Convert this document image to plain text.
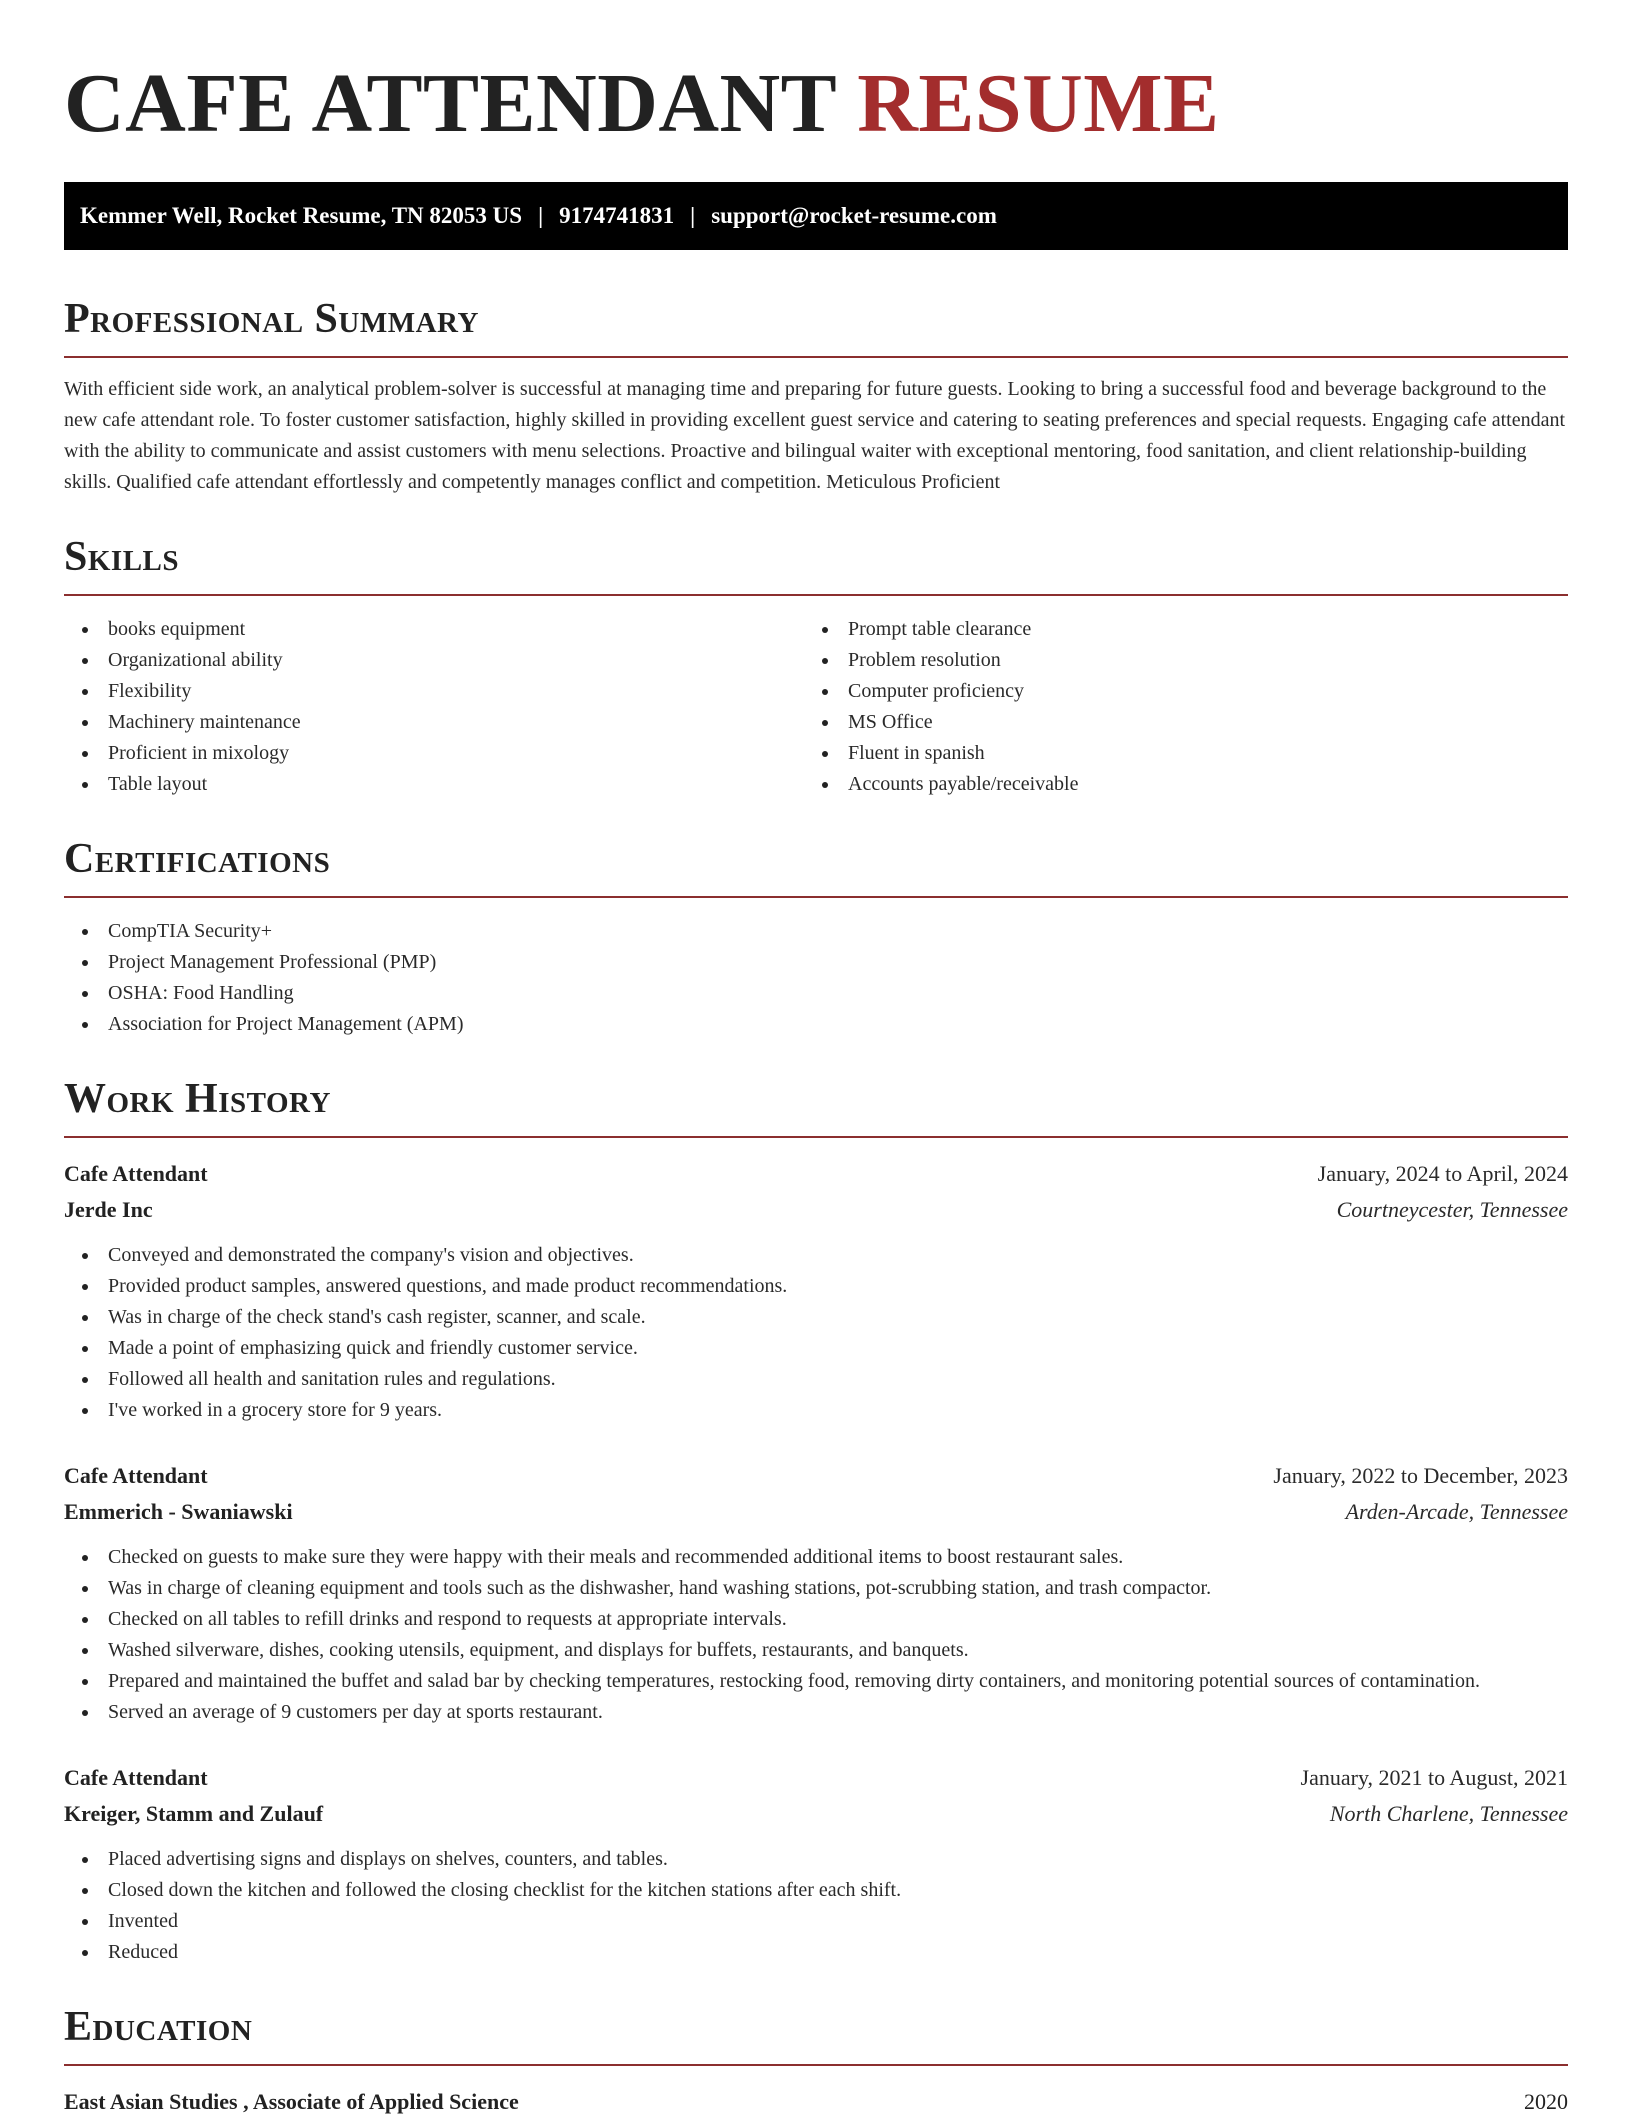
CAFE ATTENDANT RESUME
Kemmer Well, Rocket Resume, TN 82053 US | 9174741831 | support@rocket-resume.com
Professional Summary

With efficient side work, an analytical problem-solver is successful at managing time and preparing for future guests. Looking to bring a successful food and beverage background to the new cafe attendant role. To foster customer satisfaction, highly skilled in providing excellent guest service and catering to seating preferences and special requests. Engaging cafe attendant with the ability to communicate and assist customers with menu selections. Proactive and bilingual waiter with exceptional mentoring, food sanitation, and client relationship-building skills. Qualified cafe attendant effortlessly and competently manages conflict and competition. Meticulous Proficient

Skills
books equipment
Organizational ability
Flexibility
Machinery maintenance
Proficient in mixology
Table layout
Prompt table clearance
Problem resolution
Computer proficiency
MS Office
Fluent in spanish
Accounts payable/receivable
Certifications
CompTIA Security+
Project Management Professional (PMP)
OSHA: Food Handling
Association for Project Management (APM)
Work History
Cafe Attendant	January, 2024 to April, 2024
Jerde Inc	Courtneycester, Tennessee
Conveyed and demonstrated the company's vision and objectives.
Provided product samples, answered questions, and made product recommendations.
Was in charge of the check stand's cash register, scanner, and scale.
Made a point of emphasizing quick and friendly customer service.
Followed all health and sanitation rules and regulations.
I've worked in a grocery store for 9 years.
Cafe Attendant	January, 2022 to December, 2023
Emmerich - Swaniawski	Arden-Arcade, Tennessee
Checked on guests to make sure they were happy with their meals and recommended additional items to boost restaurant sales.
Was in charge of cleaning equipment and tools such as the dishwasher, hand washing stations, pot-scrubbing station, and trash compactor.
Checked on all tables to refill drinks and respond to requests at appropriate intervals.
Washed silverware, dishes, cooking utensils, equipment, and displays for buffets, restaurants, and banquets.
Prepared and maintained the buffet and salad bar by checking temperatures, restocking food, removing dirty containers, and monitoring potential sources of contamination.
Served an average of 9 customers per day at sports restaurant.
Cafe Attendant	January, 2021 to August, 2021
Kreiger, Stamm and Zulauf	North Charlene, Tennessee
Placed advertising signs and displays on shelves, counters, and tables.
Closed down the kitchen and followed the closing checklist for the kitchen stations after each shift.
Invented
Reduced
Education
East Asian Studies , Associate of Applied Science	2020
